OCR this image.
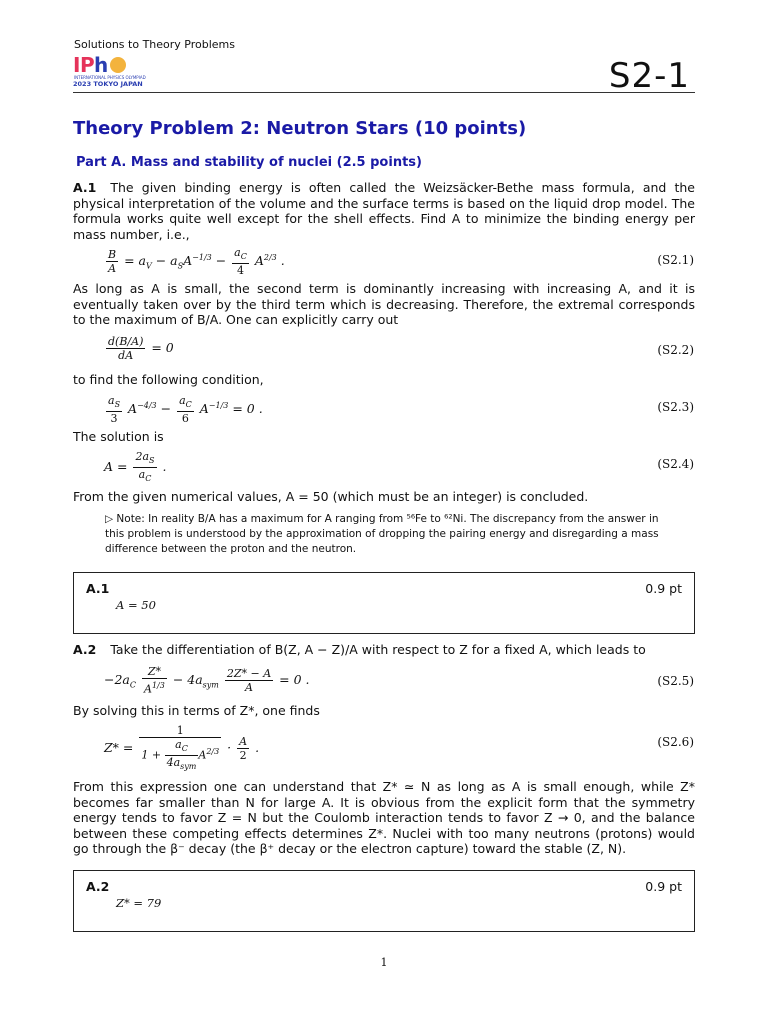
Solutions to Theory Problems
I P h
INTERNATIONAL PHYSICS OLYMPIAD
2023 TOKYO JAPAN	S2-1
Theory Problem 2: Neutron Stars (10 points)
Part A. Mass and stability of nuclei (2.5 points)

A.1 The given binding energy is often called the Weizsäcker-Bethe mass formula, and the physical interpretation of the volume and the surface terms is based on the liquid drop model. The formula works quite well except for the shell effects. Find A to minimize the binding energy per mass number, i.e.,

$\frac{B}{A} = a_V - a_SA^{-1/3} - \frac{a_C}{4} A^{2/3}$ .	(S2.1)

As long as A is small, the second term is dominantly increasing with increasing A, and it is eventually taken over by the third term which is decreasing. Therefore, the extremal corresponds to the maximum of B/A. One can explicitly carry out

$\frac{d(B/A)}{dA} = 0$	(S2.2)

to find the following condition,

$\frac{a_S}{3} A^{-4/3} - \frac{a_C}{6} A^{-1/3} = 0$ .	(S2.3)

The solution is

$A = \frac{2a_S}{a_C}$ .	(S2.4)

From the given numerical values, A = 50 (which must be an integer) is concluded.

▷ Note: In reality B/A has a maximum for A ranging from ⁵⁶Fe to ⁶²Ni. The discrepancy from the answer in this problem is understood by the approximation of dropping the pairing energy and disregarding a mass difference between the proton and the neutron.
A.1	0.9 pt
A = 50

A.2 Take the differentiation of B(Z, A − Z)/A with respect to Z for a fixed A, which leads to

$-2a_C \frac{Z*}{A^{1/3}} - 4a_{sym} \frac{2Z* - A}{A} = 0$ .	(S2.5)

By solving this in terms of Z*, one finds

$Z* = \frac{1}{1 + \frac{a_C}{4a_{sym}} A^{2/3}} \cdot \frac{A}{2}$ .	(S2.6)

From this expression one can understand that Z* ≃ N as long as A is small enough, while Z* becomes far smaller than N for large A. It is obvious from the explicit form that the symmetry energy tends to favor Z = N but the Coulomb interaction tends to favor Z → 0, and the balance between these competing effects determines Z*. Nuclei with too many neutrons (protons) would go through the β⁻ decay (the β⁺ decay or the electron capture) toward the stable (Z, N).

A.2	0.9 pt
Z* = 79
1
